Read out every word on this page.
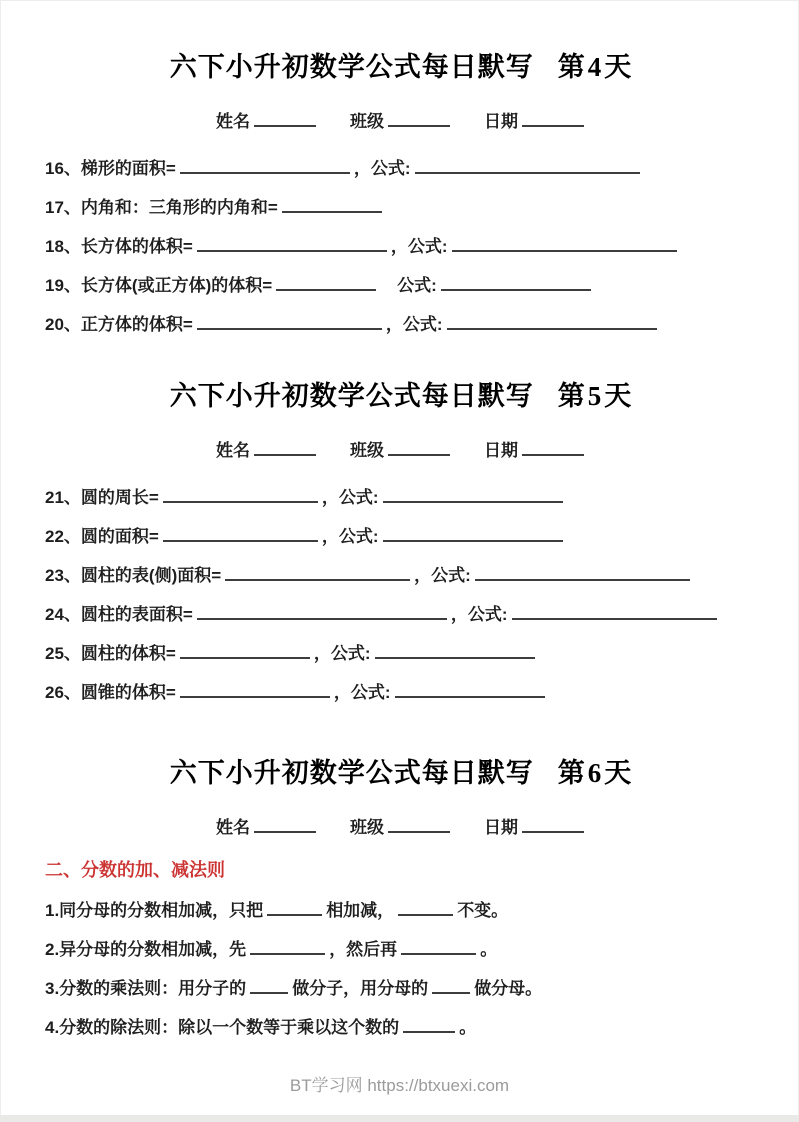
六下小升初数学公式每日默写 第4天
姓名	班级	日期
16、梯形的面积=	，公式:
17、内角和：三角形的内角和=
18、长方体的体积=	，公式:
19、长方体(或正方体)的体积=	　公式:
20、正方体的体积=	，公式:
六下小升初数学公式每日默写 第5天
姓名	班级	日期
21、圆的周长=	，公式:
22、圆的面积=	，公式:
23、圆柱的表(侧)面积=	，公式:
24、圆柱的表面积=	，公式:
25、圆柱的体积=	，公式:
26、圆锥的体积=	，公式:
六下小升初数学公式每日默写 第6天
姓名	班级	日期
二、分数的加、减法则
1.同分母的分数相加减，只把	相加减，	不变。
2.异分母的分数相加减，先	，然后再	。
3.分数的乘法则：用分子的	做分子，用分母的	做分母。
4.分数的除法则：除以一个数等于乘以这个数的	。
BT学习网 https://btxuexi.com
